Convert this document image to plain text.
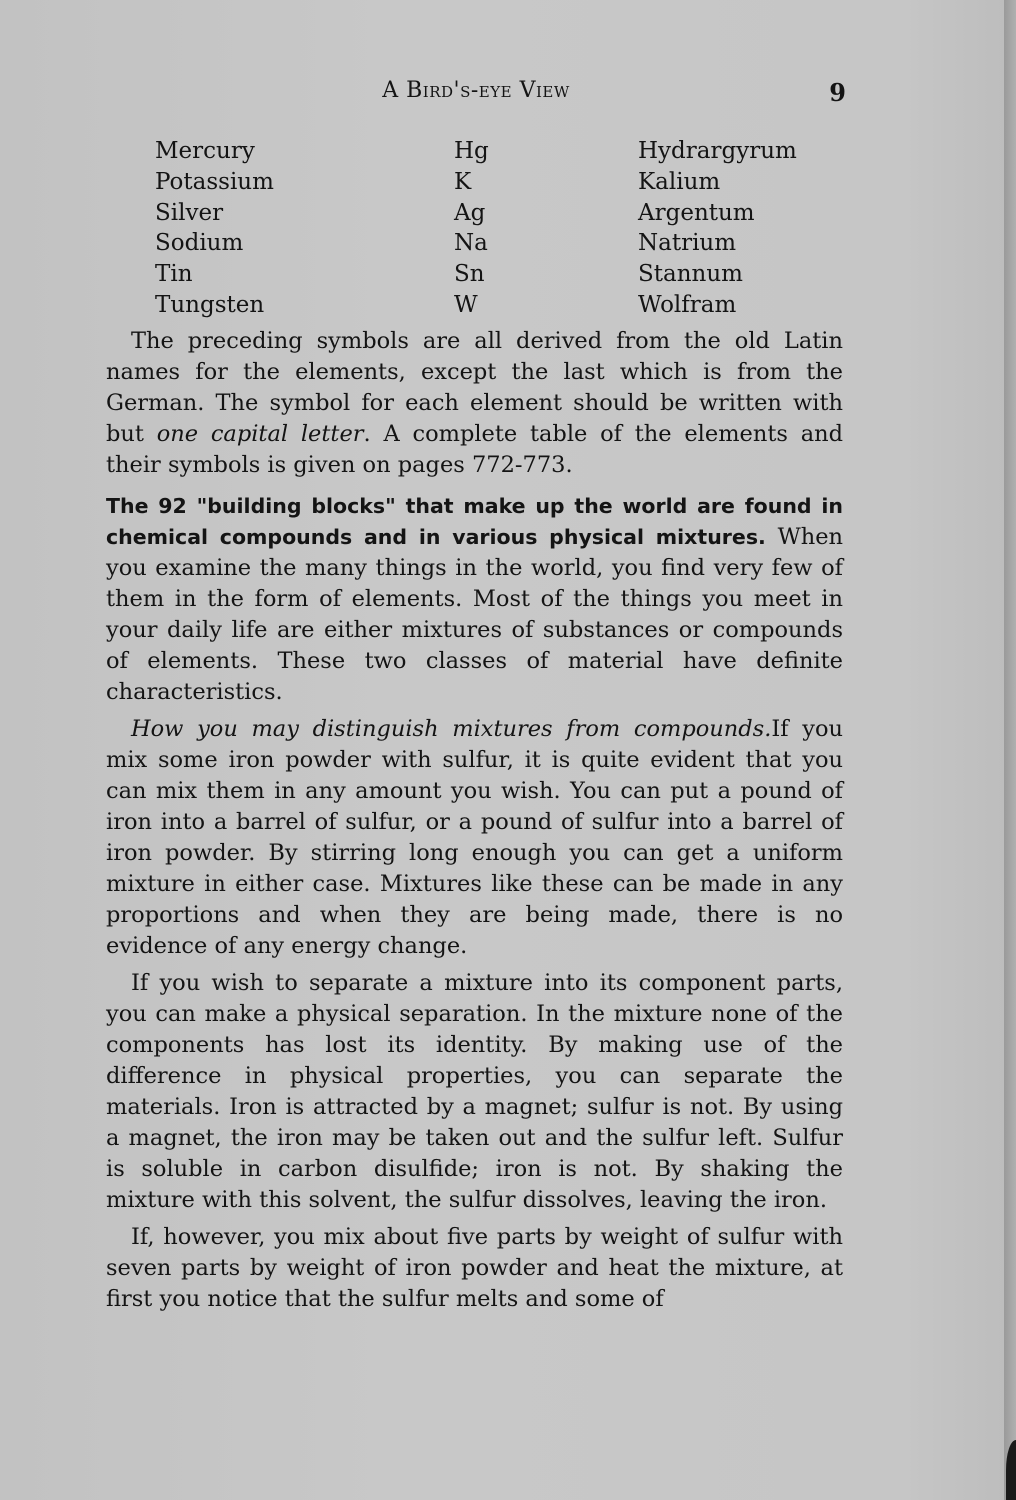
A Bird's-eye View	9
Mercury	Hg	Hydrargyrum
Potassium	K	Kalium
Silver	Ag	Argentum
Sodium	Na	Natrium
Tin	Sn	Stannum
Tungsten	W	Wolfram

The preceding symbols are all derived from the old Latin names for the elements, except the last which is from the German. The symbol for each element should be written with but one capital letter. A complete table of the elements and their symbols is given on pages 772-773.

The 92 "building blocks" that make up the world are found in chemical compounds and in various physical mixtures. When you examine the many things in the world, you find very few of them in the form of elements. Most of the things you meet in your daily life are either mixtures of substances or compounds of elements. These two classes of material have definite characteristics.

How you may distinguish mixtures from compounds.If you mix some iron powder with sulfur, it is quite evident that you can mix them in any amount you wish. You can put a pound of iron into a barrel of sulfur, or a pound of sulfur into a barrel of iron powder. By stirring long enough you can get a uniform mixture in either case. Mixtures like these can be made in any proportions and when they are being made, there is no evidence of any energy change.

If you wish to separate a mixture into its component parts, you can make a physical separation. In the mixture none of the components has lost its identity. By making use of the difference in physical properties, you can separate the materials. Iron is attracted by a magnet; sulfur is not. By using a magnet, the iron may be taken out and the sulfur left. Sulfur is soluble in carbon disulfide; iron is not. By shaking the mixture with this solvent, the sulfur dissolves, leaving the iron.

If, however, you mix about five parts by weight of sulfur with seven parts by weight of iron powder and heat the mixture, at first you notice that the sulfur melts and some of
